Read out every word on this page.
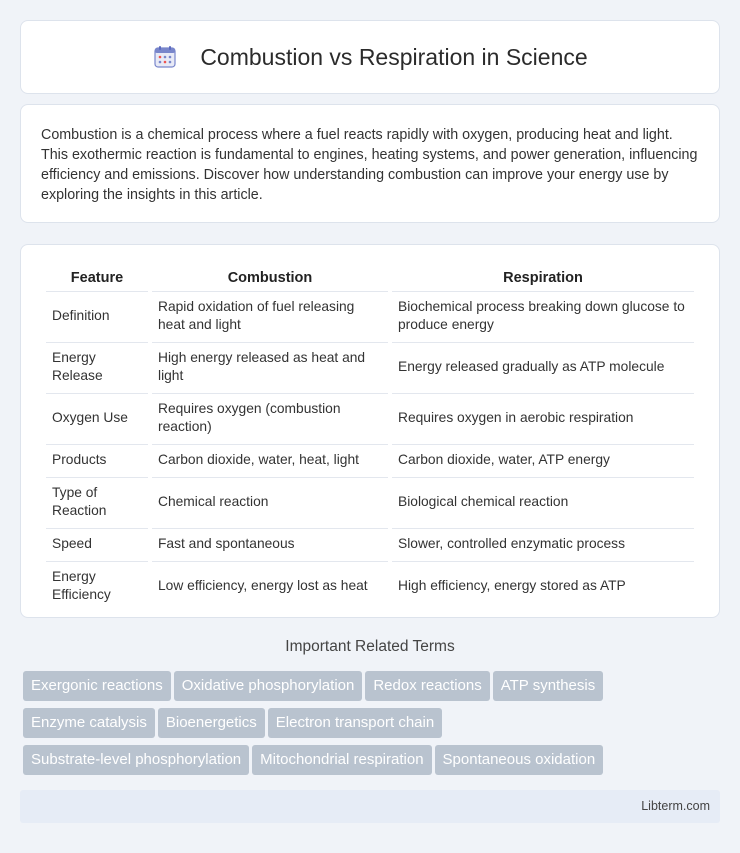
Combustion vs Respiration in Science

Combustion is a chemical process where a fuel reacts rapidly with oxygen, producing heat and light. This exothermic reaction is fundamental to engines, heating systems, and power generation, influencing efficiency and emissions. Discover how understanding combustion can improve your energy use by exploring the insights in this article.

Feature	Combustion	Respiration
Definition	Rapid oxidation of fuel releasing heat and light	Biochemical process breaking down glucose to produce energy
Energy Release	High energy released as heat and light	Energy released gradually as ATP molecule
Oxygen Use	Requires oxygen (combustion reaction)	Requires oxygen in aerobic respiration
Products	Carbon dioxide, water, heat, light	Carbon dioxide, water, ATP energy
Type of Reaction	Chemical reaction	Biological chemical reaction
Speed	Fast and spontaneous	Slower, controlled enzymatic process
Energy Efficiency	Low efficiency, energy lost as heat	High efficiency, energy stored as ATP
Important Related Terms
Exergonic reactions Oxidative phosphorylation Redox reactions ATP synthesis
Enzyme catalysis Bioenergetics Electron transport chain
Substrate-level phosphorylation Mitochondrial respiration Spontaneous oxidation
Libterm.com
